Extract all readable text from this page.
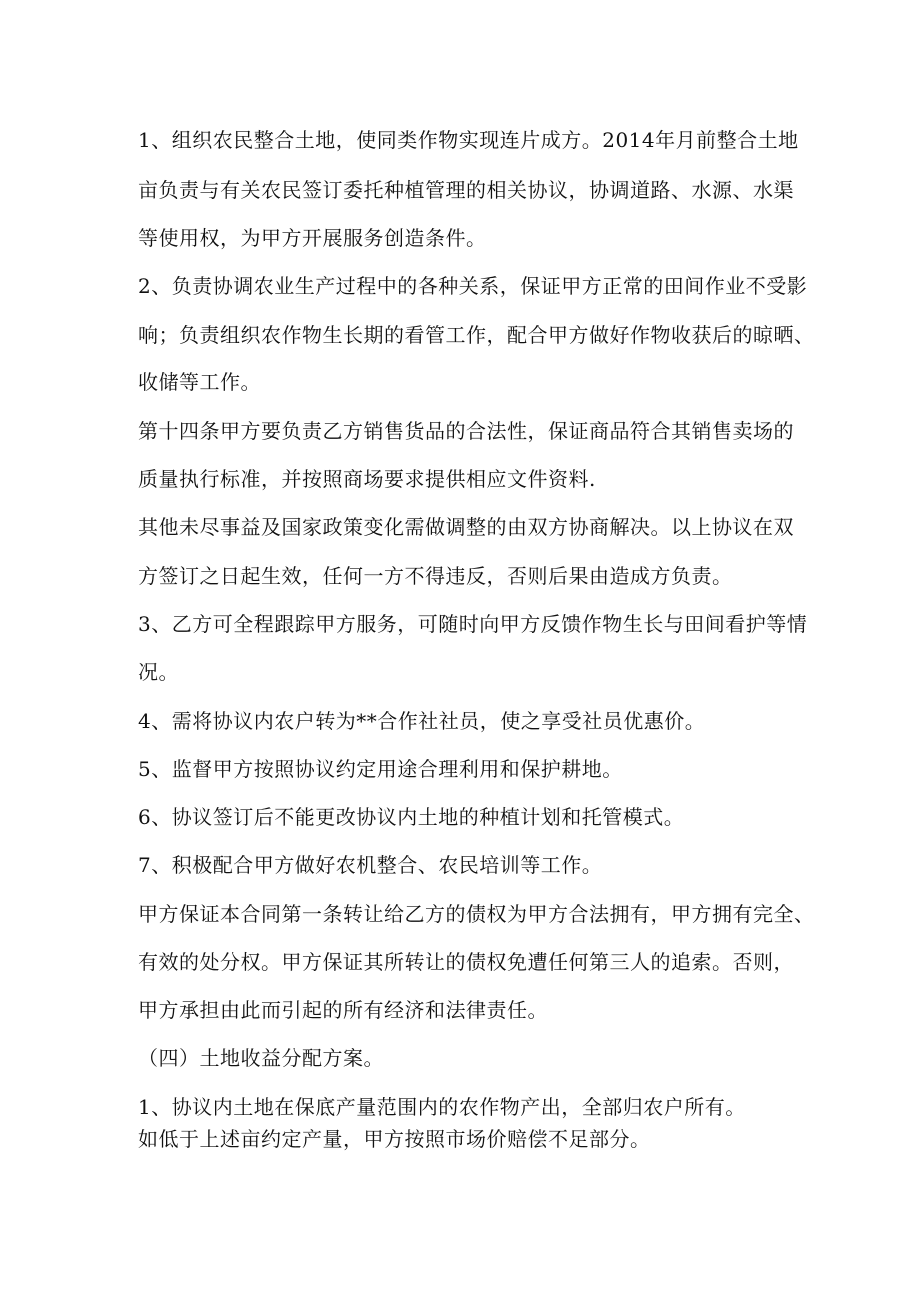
1、组织农民整合土地，使同类作物实现连片成方。2014年月前整合土地
亩负责与有关农民签订委托种植管理的相关协议，协调道路、水源、水渠
等使用权，为甲方开展服务创造条件。
2、负责协调农业生产过程中的各种关系，保证甲方正常的田间作业不受影
响；负责组织农作物生长期的看管工作，配合甲方做好作物收获后的晾晒、
收储等工作。
第十四条甲方要负责乙方销售货品的合法性，保证商品符合其销售卖场的
质量执行标准，并按照商场要求提供相应文件资料.
其他未尽事益及国家政策变化需做调整的由双方协商解决。以上协议在双
方签订之日起生效，任何一方不得违反，否则后果由造成方负责。
3、乙方可全程跟踪甲方服务，可随时向甲方反馈作物生长与田间看护等情
况。
4、需将协议内农户转为**合作社社员，使之享受社员优惠价。
5、监督甲方按照协议约定用途合理利用和保护耕地。
6、协议签订后不能更改协议内土地的种植计划和托管模式。
7、积极配合甲方做好农机整合、农民培训等工作。
甲方保证本合同第一条转让给乙方的债权为甲方合法拥有，甲方拥有完全、
有效的处分权。甲方保证其所转让的债权免遭任何第三人的追索。否则，
甲方承担由此而引起的所有经济和法律责任。
（四）土地收益分配方案。
1、协议内土地在保底产量范围内的农作物产出，全部归农户所有。
如低于上述亩约定产量，甲方按照市场价赔偿不足部分。
